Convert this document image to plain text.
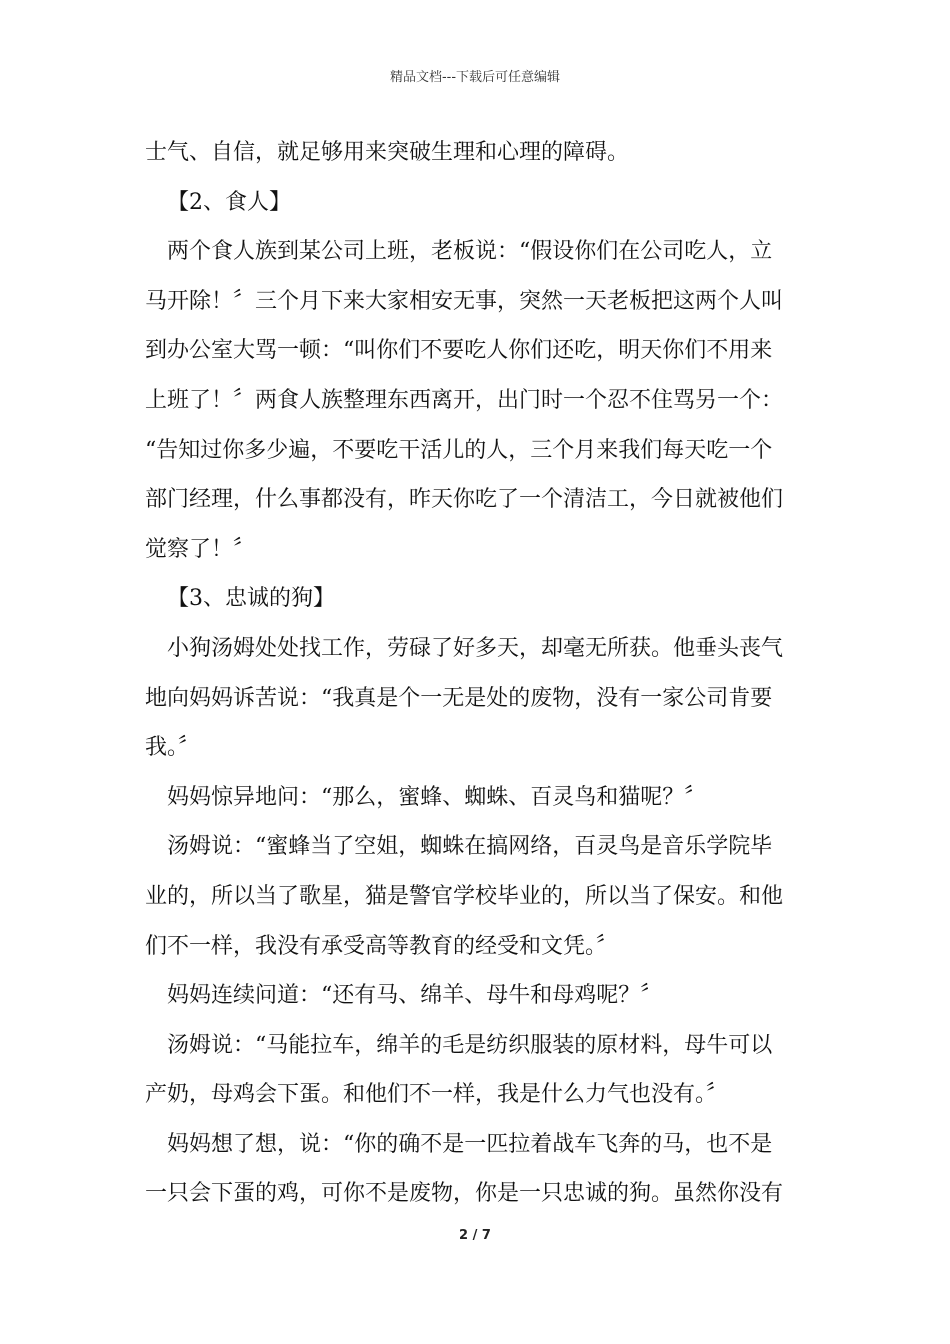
精品文档---下载后可任意编辑
士气、自信，就足够用来突破生理和心理的障碍。
【2、食人】
两个食人族到某公司上班，老板说：“假设你们在公司吃人，立
马开除！〞三个月下来大家相安无事，突然一天老板把这两个人叫
到办公室大骂一顿：“叫你们不要吃人你们还吃，明天你们不用来
上班了！〞两食人族整理东西离开，出门时一个忍不住骂另一个：
“告知过你多少遍，不要吃干活儿的人，三个月来我们每天吃一个
部门经理，什么事都没有，昨天你吃了一个清洁工，今日就被他们
觉察了！〞
【3、忠诚的狗】
小狗汤姆处处找工作，劳碌了好多天，却毫无所获。他垂头丧气
地向妈妈诉苦说：“我真是个一无是处的废物，没有一家公司肯要
我。〞
妈妈惊异地问：“那么，蜜蜂、蜘蛛、百灵鸟和猫呢？〞
汤姆说：“蜜蜂当了空姐，蜘蛛在搞网络，百灵鸟是音乐学院毕
业的，所以当了歌星，猫是警官学校毕业的，所以当了保安。和他
们不一样，我没有承受高等教育的经受和文凭。〞
妈妈连续问道：“还有马、绵羊、母牛和母鸡呢？〞
汤姆说：“马能拉车，绵羊的毛是纺织服装的原材料，母牛可以
产奶，母鸡会下蛋。和他们不一样，我是什么力气也没有。〞
妈妈想了想，说：“你的确不是一匹拉着战车飞奔的马，也不是
一只会下蛋的鸡，可你不是废物，你是一只忠诚的狗。虽然你没有
2 / 7
